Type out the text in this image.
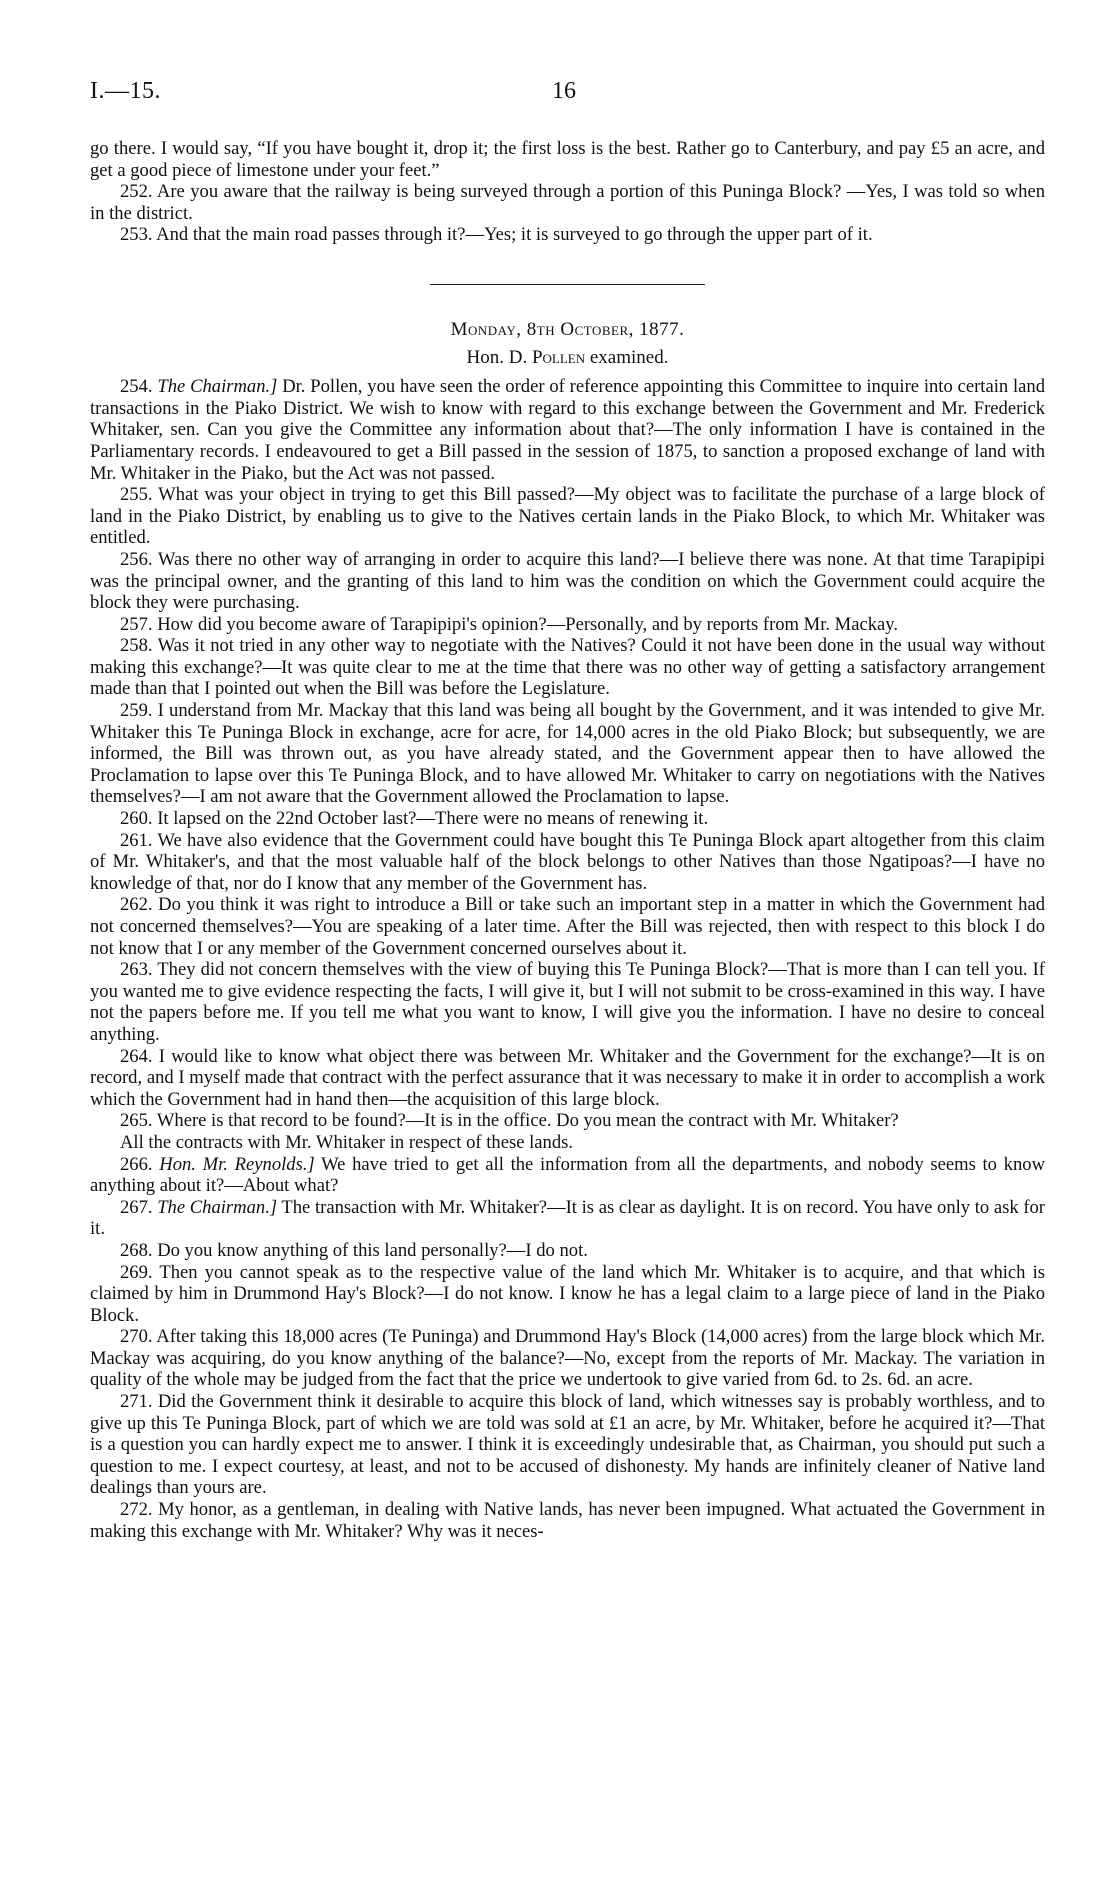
I.—15.	16

go there. I would say, “If you have bought it, drop it; the first loss is the best. Rather go to Canterbury, and pay £5 an acre, and get a good piece of limestone under your feet.”

252. Are you aware that the railway is being surveyed through a portion of this Puninga Block? —Yes, I was told so when in the district.

253. And that the main road passes through it?—Yes; it is surveyed to go through the upper part of it.

Monday, 8th October, 1877.
Hon. D. Pollen examined.

254. The Chairman.] Dr. Pollen, you have seen the order of reference appointing this Committee to inquire into certain land transactions in the Piako District. We wish to know with regard to this exchange between the Government and Mr. Frederick Whitaker, sen. Can you give the Committee any information about that?—The only information I have is contained in the Parliamentary records. I endeavoured to get a Bill passed in the session of 1875, to sanction a proposed exchange of land with Mr. Whitaker in the Piako, but the Act was not passed.

255. What was your object in trying to get this Bill passed?—My object was to facilitate the purchase of a large block of land in the Piako District, by enabling us to give to the Natives certain lands in the Piako Block, to which Mr. Whitaker was entitled.

256. Was there no other way of arranging in order to acquire this land?—I believe there was none. At that time Tarapipipi was the principal owner, and the granting of this land to him was the condition on which the Government could acquire the block they were purchasing.

257. How did you become aware of Tarapipipi's opinion?—Personally, and by reports from Mr. Mackay.

258. Was it not tried in any other way to negotiate with the Natives? Could it not have been done in the usual way without making this exchange?—It was quite clear to me at the time that there was no other way of getting a satisfactory arrangement made than that I pointed out when the Bill was before the Legislature.

259. I understand from Mr. Mackay that this land was being all bought by the Government, and it was intended to give Mr. Whitaker this Te Puninga Block in exchange, acre for acre, for 14,000 acres in the old Piako Block; but subsequently, we are informed, the Bill was thrown out, as you have already stated, and the Government appear then to have allowed the Proclamation to lapse over this Te Puninga Block, and to have allowed Mr. Whitaker to carry on negotiations with the Natives themselves?—I am not aware that the Government allowed the Proclamation to lapse.

260. It lapsed on the 22nd October last?—There were no means of renewing it.

261. We have also evidence that the Government could have bought this Te Puninga Block apart altogether from this claim of Mr. Whitaker's, and that the most valuable half of the block belongs to other Natives than those Ngatipoas?—I have no knowledge of that, nor do I know that any member of the Government has.

262. Do you think it was right to introduce a Bill or take such an important step in a matter in which the Government had not concerned themselves?—You are speaking of a later time. After the Bill was rejected, then with respect to this block I do not know that I or any member of the Government concerned ourselves about it.

263. They did not concern themselves with the view of buying this Te Puninga Block?—That is more than I can tell you. If you wanted me to give evidence respecting the facts, I will give it, but I will not submit to be cross-examined in this way. I have not the papers before me. If you tell me what you want to know, I will give you the information. I have no desire to conceal anything.

264. I would like to know what object there was between Mr. Whitaker and the Government for the exchange?—It is on record, and I myself made that contract with the perfect assurance that it was necessary to make it in order to accomplish a work which the Government had in hand then—the acquisition of this large block.

265. Where is that record to be found?—It is in the office. Do you mean the contract with Mr. Whitaker?

All the contracts with Mr. Whitaker in respect of these lands.

266. Hon. Mr. Reynolds.] We have tried to get all the information from all the departments, and nobody seems to know anything about it?—About what?

267. The Chairman.] The transaction with Mr. Whitaker?—It is as clear as daylight. It is on record. You have only to ask for it.

268. Do you know anything of this land personally?—I do not.

269. Then you cannot speak as to the respective value of the land which Mr. Whitaker is to acquire, and that which is claimed by him in Drummond Hay's Block?—I do not know. I know he has a legal claim to a large piece of land in the Piako Block.

270. After taking this 18,000 acres (Te Puninga) and Drummond Hay's Block (14,000 acres) from the large block which Mr. Mackay was acquiring, do you know anything of the balance?—No, except from the reports of Mr. Mackay. The variation in quality of the whole may be judged from the fact that the price we undertook to give varied from 6d. to 2s. 6d. an acre.

271. Did the Government think it desirable to acquire this block of land, which witnesses say is probably worthless, and to give up this Te Puninga Block, part of which we are told was sold at £1 an acre, by Mr. Whitaker, before he acquired it?—That is a question you can hardly expect me to answer. I think it is exceedingly undesirable that, as Chairman, you should put such a question to me. I expect courtesy, at least, and not to be accused of dishonesty. My hands are infinitely cleaner of Native land dealings than yours are.

272. My honor, as a gentleman, in dealing with Native lands, has never been impugned. What actuated the Government in making this exchange with Mr. Whitaker? Why was it neces-
